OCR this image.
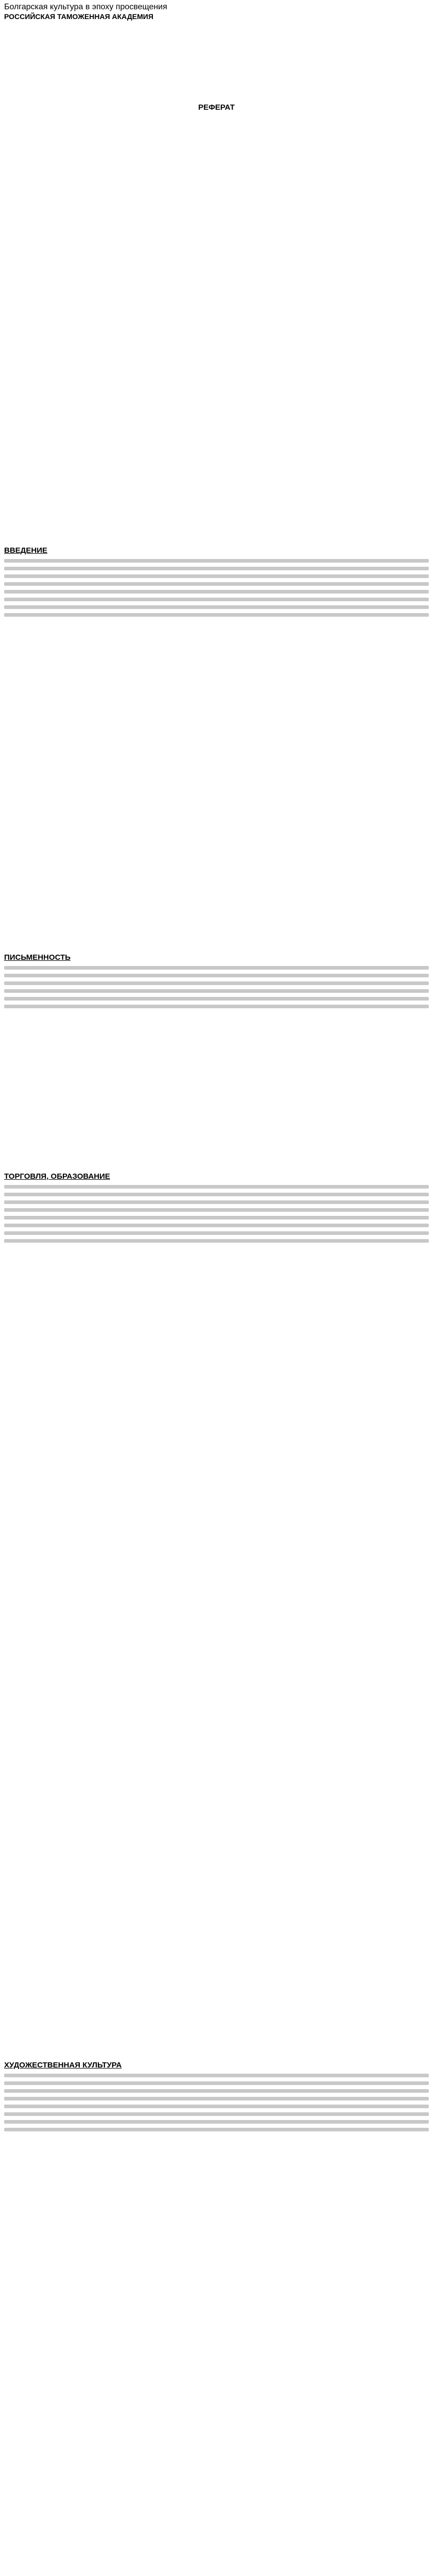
Болгарская культура в эпоху просвещения
РОССИЙСКАЯ ТАМОЖЕННАЯ АКАДЕМИЯ
РЕФЕРАТ
ВВЕДЕНИЕ
ПИСЬМЕННОСТЬ
ТОРГОВЛЯ, ОБРАЗОВАНИЕ
ХУДОЖЕСТВЕННАЯ КУЛЬТУРА
